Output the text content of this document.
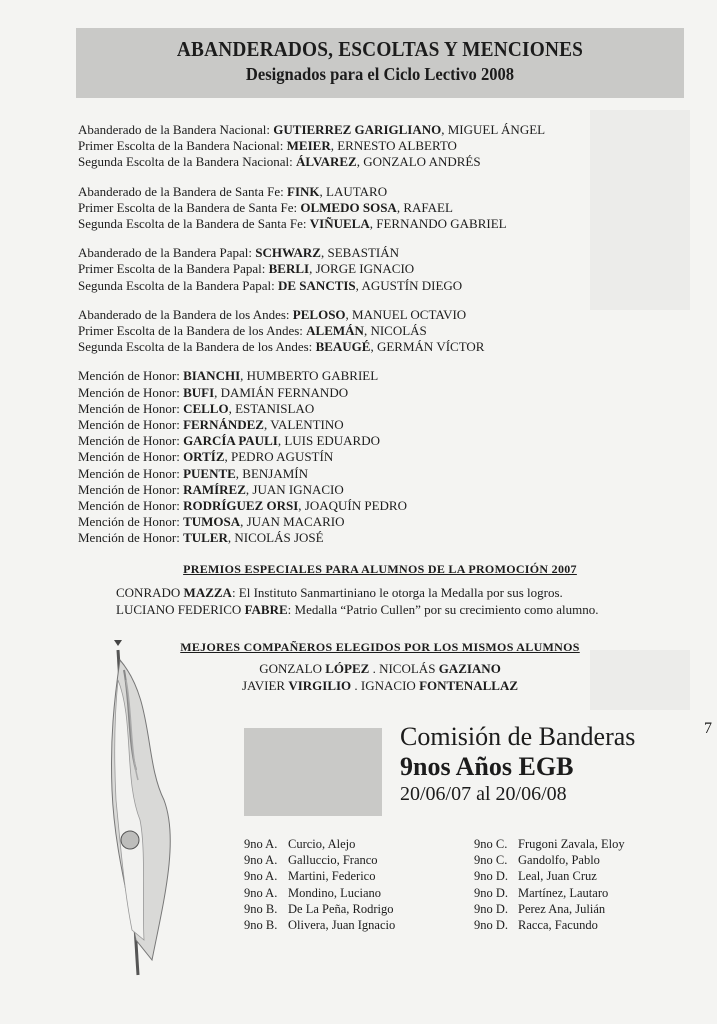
ABANDERADOS, ESCOLTAS Y MENCIONES
Designados para el Ciclo Lectivo 2008
Abanderado de la Bandera Nacional: GUTIERREZ GARIGLIANO, MIGUEL ÁNGEL
Primer Escolta de la Bandera Nacional: MEIER, ERNESTO ALBERTO
Segunda Escolta de la Bandera Nacional: ÁLVAREZ, GONZALO ANDRÉS
Abanderado de la Bandera de Santa Fe: FINK, LAUTARO
Primer Escolta de la Bandera de Santa Fe: OLMEDO SOSA, RAFAEL
Segunda Escolta de la Bandera de Santa Fe: VIÑUELA, FERNANDO GABRIEL
Abanderado de la Bandera Papal: SCHWARZ, SEBASTIÁN
Primer Escolta de la Bandera Papal: BERLI, JORGE IGNACIO
Segunda Escolta de la Bandera Papal: DE SANCTIS, AGUSTÍN DIEGO
Abanderado de la Bandera de los Andes: PELOSO, MANUEL OCTAVIO
Primer Escolta de la Bandera de los Andes: ALEMÁN, NICOLÁS
Segunda Escolta de la Bandera de los Andes: BEAUGÉ, GERMÁN VÍCTOR
Mención de Honor: BIANCHI, HUMBERTO GABRIEL
Mención de Honor: BUFI, DAMIÁN FERNANDO
Mención de Honor: CELLO, ESTANISLAO
Mención de Honor: FERNÁNDEZ, VALENTINO
Mención de Honor: GARCÍA PAULI, LUIS EDUARDO
Mención de Honor: ORTÍZ, PEDRO AGUSTÍN
Mención de Honor: PUENTE, BENJAMÍN
Mención de Honor: RAMÍREZ, JUAN IGNACIO
Mención de Honor: RODRÍGUEZ ORSI, JOAQUÍN PEDRO
Mención de Honor: TUMOSA, JUAN MACARIO
Mención de Honor: TULER, NICOLÁS JOSÉ
PREMIOS ESPECIALES PARA ALUMNOS DE LA PROMOCIÓN 2007
CONRADO MAZZA: El Instituto Sanmartiniano le otorga la Medalla por sus logros.
LUCIANO FEDERICO FABRE: Medalla “Patrio Cullen” por su crecimiento como alumno.
MEJORES COMPAÑEROS ELEGIDOS POR LOS MISMOS ALUMNOS
GONZALO LÓPEZ . NICOLÁS GAZIANO
JAVIER VIRGILIO . IGNACIO FONTENALLAZ
Comisión de Banderas
9nos Años EGB
20/06/07 al 20/06/08
7
9no A. Curcio, Alejo
9no A. Galluccio, Franco
9no A. Martini, Federico
9no A. Mondino, Luciano
9no B. De La Peña, Rodrigo
9no B. Olivera, Juan Ignacio
9no C. Frugoni Zavala, Eloy
9no C. Gandolfo, Pablo
9no D. Leal, Juan Cruz
9no D. Martínez, Lautaro
9no D. Perez Ana, Julián
9no D. Racca, Facundo
